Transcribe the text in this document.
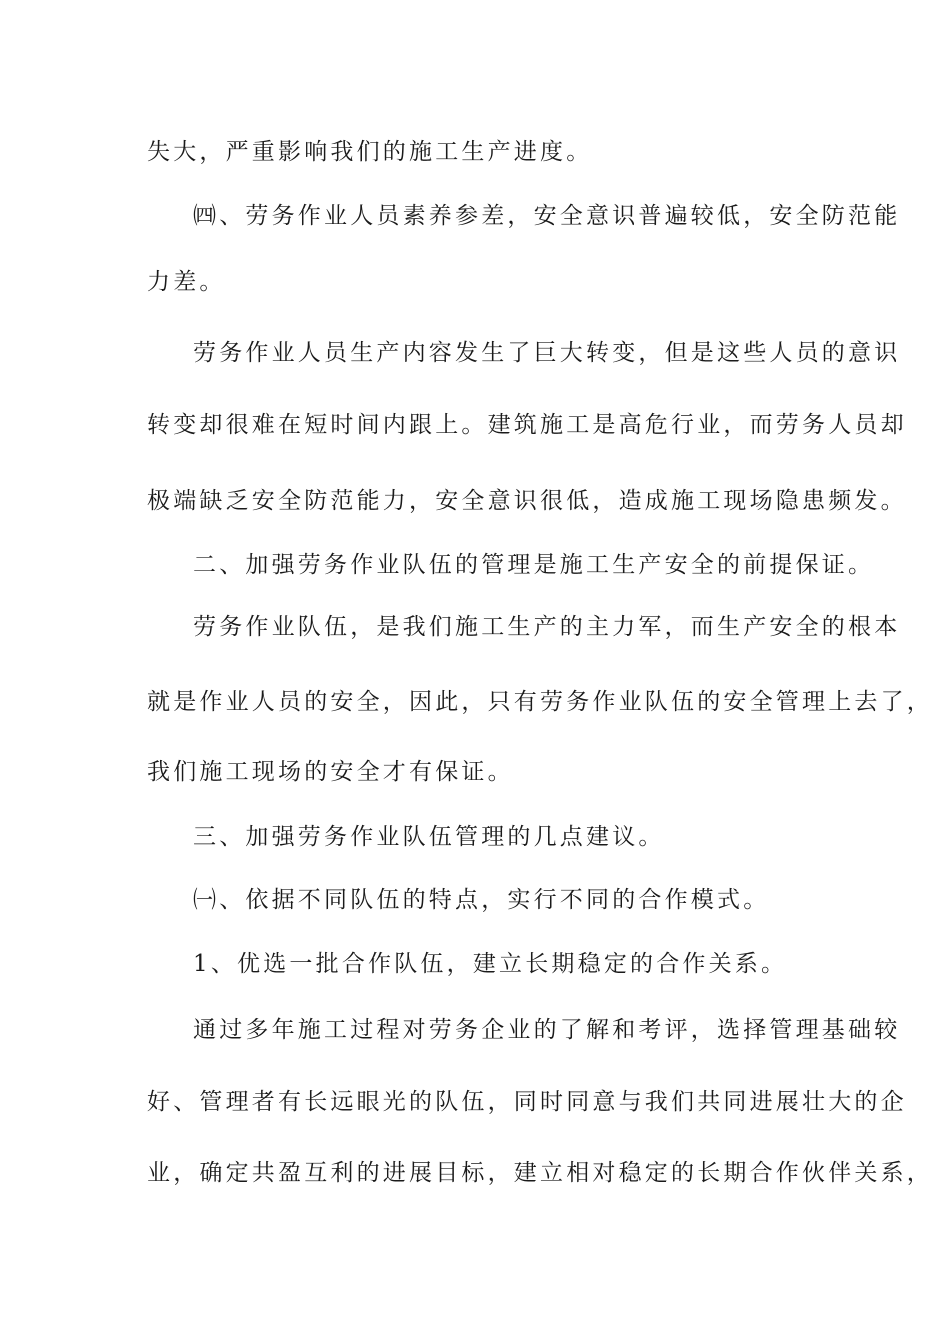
失大，严重影响我们的施工生产进度。

㈣、劳务作业人员素养参差，安全意识普遍较低，安全防范能

力差。

劳务作业人员生产内容发生了巨大转变，但是这些人员的意识

转变却很难在短时间内跟上。建筑施工是高危行业，而劳务人员却

极端缺乏安全防范能力，安全意识很低，造成施工现场隐患频发。

二、加强劳务作业队伍的管理是施工生产安全的前提保证。

劳务作业队伍，是我们施工生产的主力军，而生产安全的根本

就是作业人员的安全，因此，只有劳务作业队伍的安全管理上去了，

我们施工现场的安全才有保证。

三、加强劳务作业队伍管理的几点建议。

㈠、依据不同队伍的特点，实行不同的合作模式。

1、优选一批合作队伍，建立长期稳定的合作关系。

通过多年施工过程对劳务企业的了解和考评，选择管理基础较

好、管理者有长远眼光的队伍，同时同意与我们共同进展壮大的企

业，确定共盈互利的进展目标，建立相对稳定的长期合作伙伴关系，
